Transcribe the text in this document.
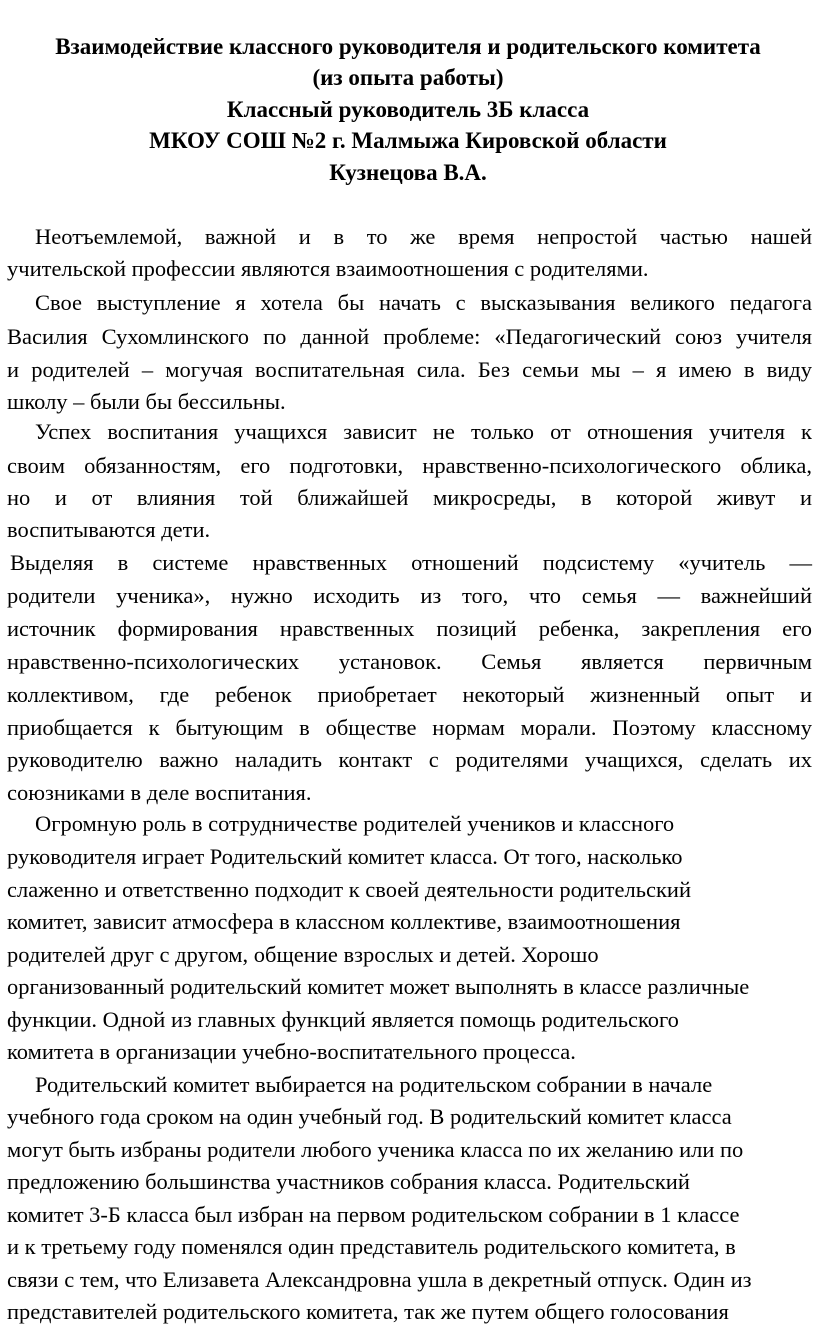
Взаимодействие классного руководителя и родительского комитета
(из опыта работы)
Классный руководитель 3Б класса
МКОУ СОШ №2 г. Малмыжа Кировской области
Кузнецова В.А.
Неотъемлемой, важной и в то же время непростой частью нашей
учительской профессии являются взаимоотношения с родителями.
Свое выступление я хотела бы начать с высказывания великого педагога
Василия Сухомлинского по данной проблеме: «Педагогический союз учителя
и родителей – могучая воспитательная сила. Без семьи мы – я имею в виду
школу – были бы бессильны.
Успех воспитания учащихся зависит не только от отношения учителя к
своим обязанностям, его подготовки, нравственно-психологического облика,
но и от влияния той ближайшей микросреды, в которой живут и
воспитываются дети.
Выделяя в системе нравственных отношений подсистему «учитель —
родители ученика», нужно исходить из того, что семья — важнейший
источник формирования нравственных позиций ребенка, закрепления его
нравственно-психологических установок. Семья является первичным
коллективом, где ребенок приобретает некоторый жизненный опыт и
приобщается к бытующим в обществе нормам морали. Поэтому классному
руководителю важно наладить контакт с родителями учащихся, сделать их
союзниками в деле воспитания.
Огромную роль в сотрудничестве родителей учеников и классного
руководителя играет Родительский комитет класса. От того, насколько
слаженно и ответственно подходит к своей деятельности родительский
комитет, зависит атмосфера в классном коллективе, взаимоотношения
родителей друг с другом, общение взрослых и детей. Хорошо
организованный родительский комитет может выполнять в классе различные
функции. Одной из главных функций является помощь родительского
комитета в организации учебно-воспитательного процесса.
Родительский комитет выбирается на родительском собрании в начале
учебного года сроком на один учебный год. В родительский комитет класса
могут быть избраны родители любого ученика класса по их желанию или по
предложению большинства участников собрания класса. Родительский
комитет 3-Б класса был избран на первом родительском собрании в 1 классе
и к третьему году поменялся один представитель родительского комитета, в
связи с тем, что Елизавета Александровна ушла в декретный отпуск. Один из
представителей родительского комитета, так же путем общего голосования
